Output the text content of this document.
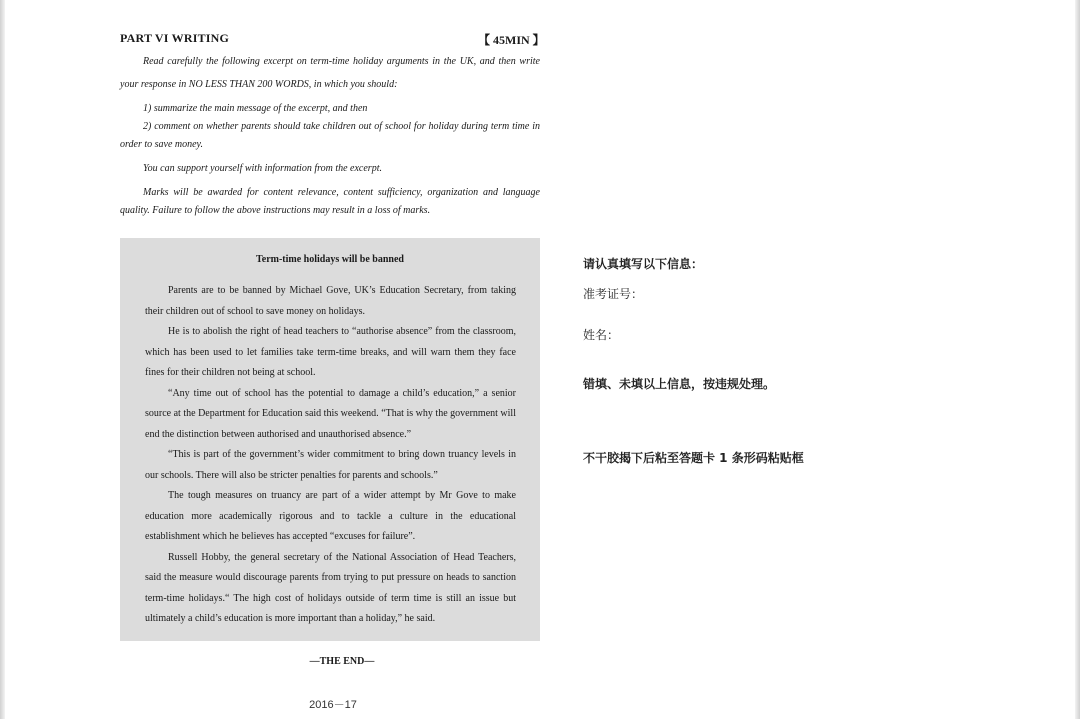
PART VI WRITING	【 45MIN 】

Read carefully the following excerpt on term-time holiday arguments in the UK, and then write

your response in NO LESS THAN 200 WORDS, in which you should:

1) summarize the main message of the excerpt, and then

2) comment on whether parents should take children out of school for holiday during term time in order to save money.

You can support yourself with information from the excerpt.

Marks will be awarded for content relevance, content sufficiency, organization and language quality. Failure to follow the above instructions may result in a loss of marks.

Term-time holidays will be banned

Parents are to be banned by Michael Gove, UK’s Education Secretary, from taking their children out of school to save money on holidays.

He is to abolish the right of head teachers to “authorise absence” from the classroom, which has been used to let families take term-time breaks, and will warn them they face fines for their children not being at school.

“Any time out of school has the potential to damage a child’s education,” a senior source at the Department for Education said this weekend. “That is why the government will end the distinction between authorised and unauthorised absence.”

“This is part of the government’s wider commitment to bring down truancy levels in our schools. There will also be stricter penalties for parents and schools.”

The tough measures on truancy are part of a wider attempt by Mr Gove to make education more academically rigorous and to tackle a culture in the educational establishment which he believes has accepted “excuses for failure”.

Russell Hobby, the general secretary of the National Association of Head Teachers, said the measure would discourage parents from trying to put pressure on heads to sanction term-time holidays.“ The high cost of holidays outside of term time is still an issue but ultimately a child’s education is more important than a holiday,” he said.

—THE END—
2016－17
请认真填写以下信息：
准考证号：
姓名：
错填、未填以上信息，按违规处理。
不干胶揭下后粘至答题卡 1 条形码粘贴框
